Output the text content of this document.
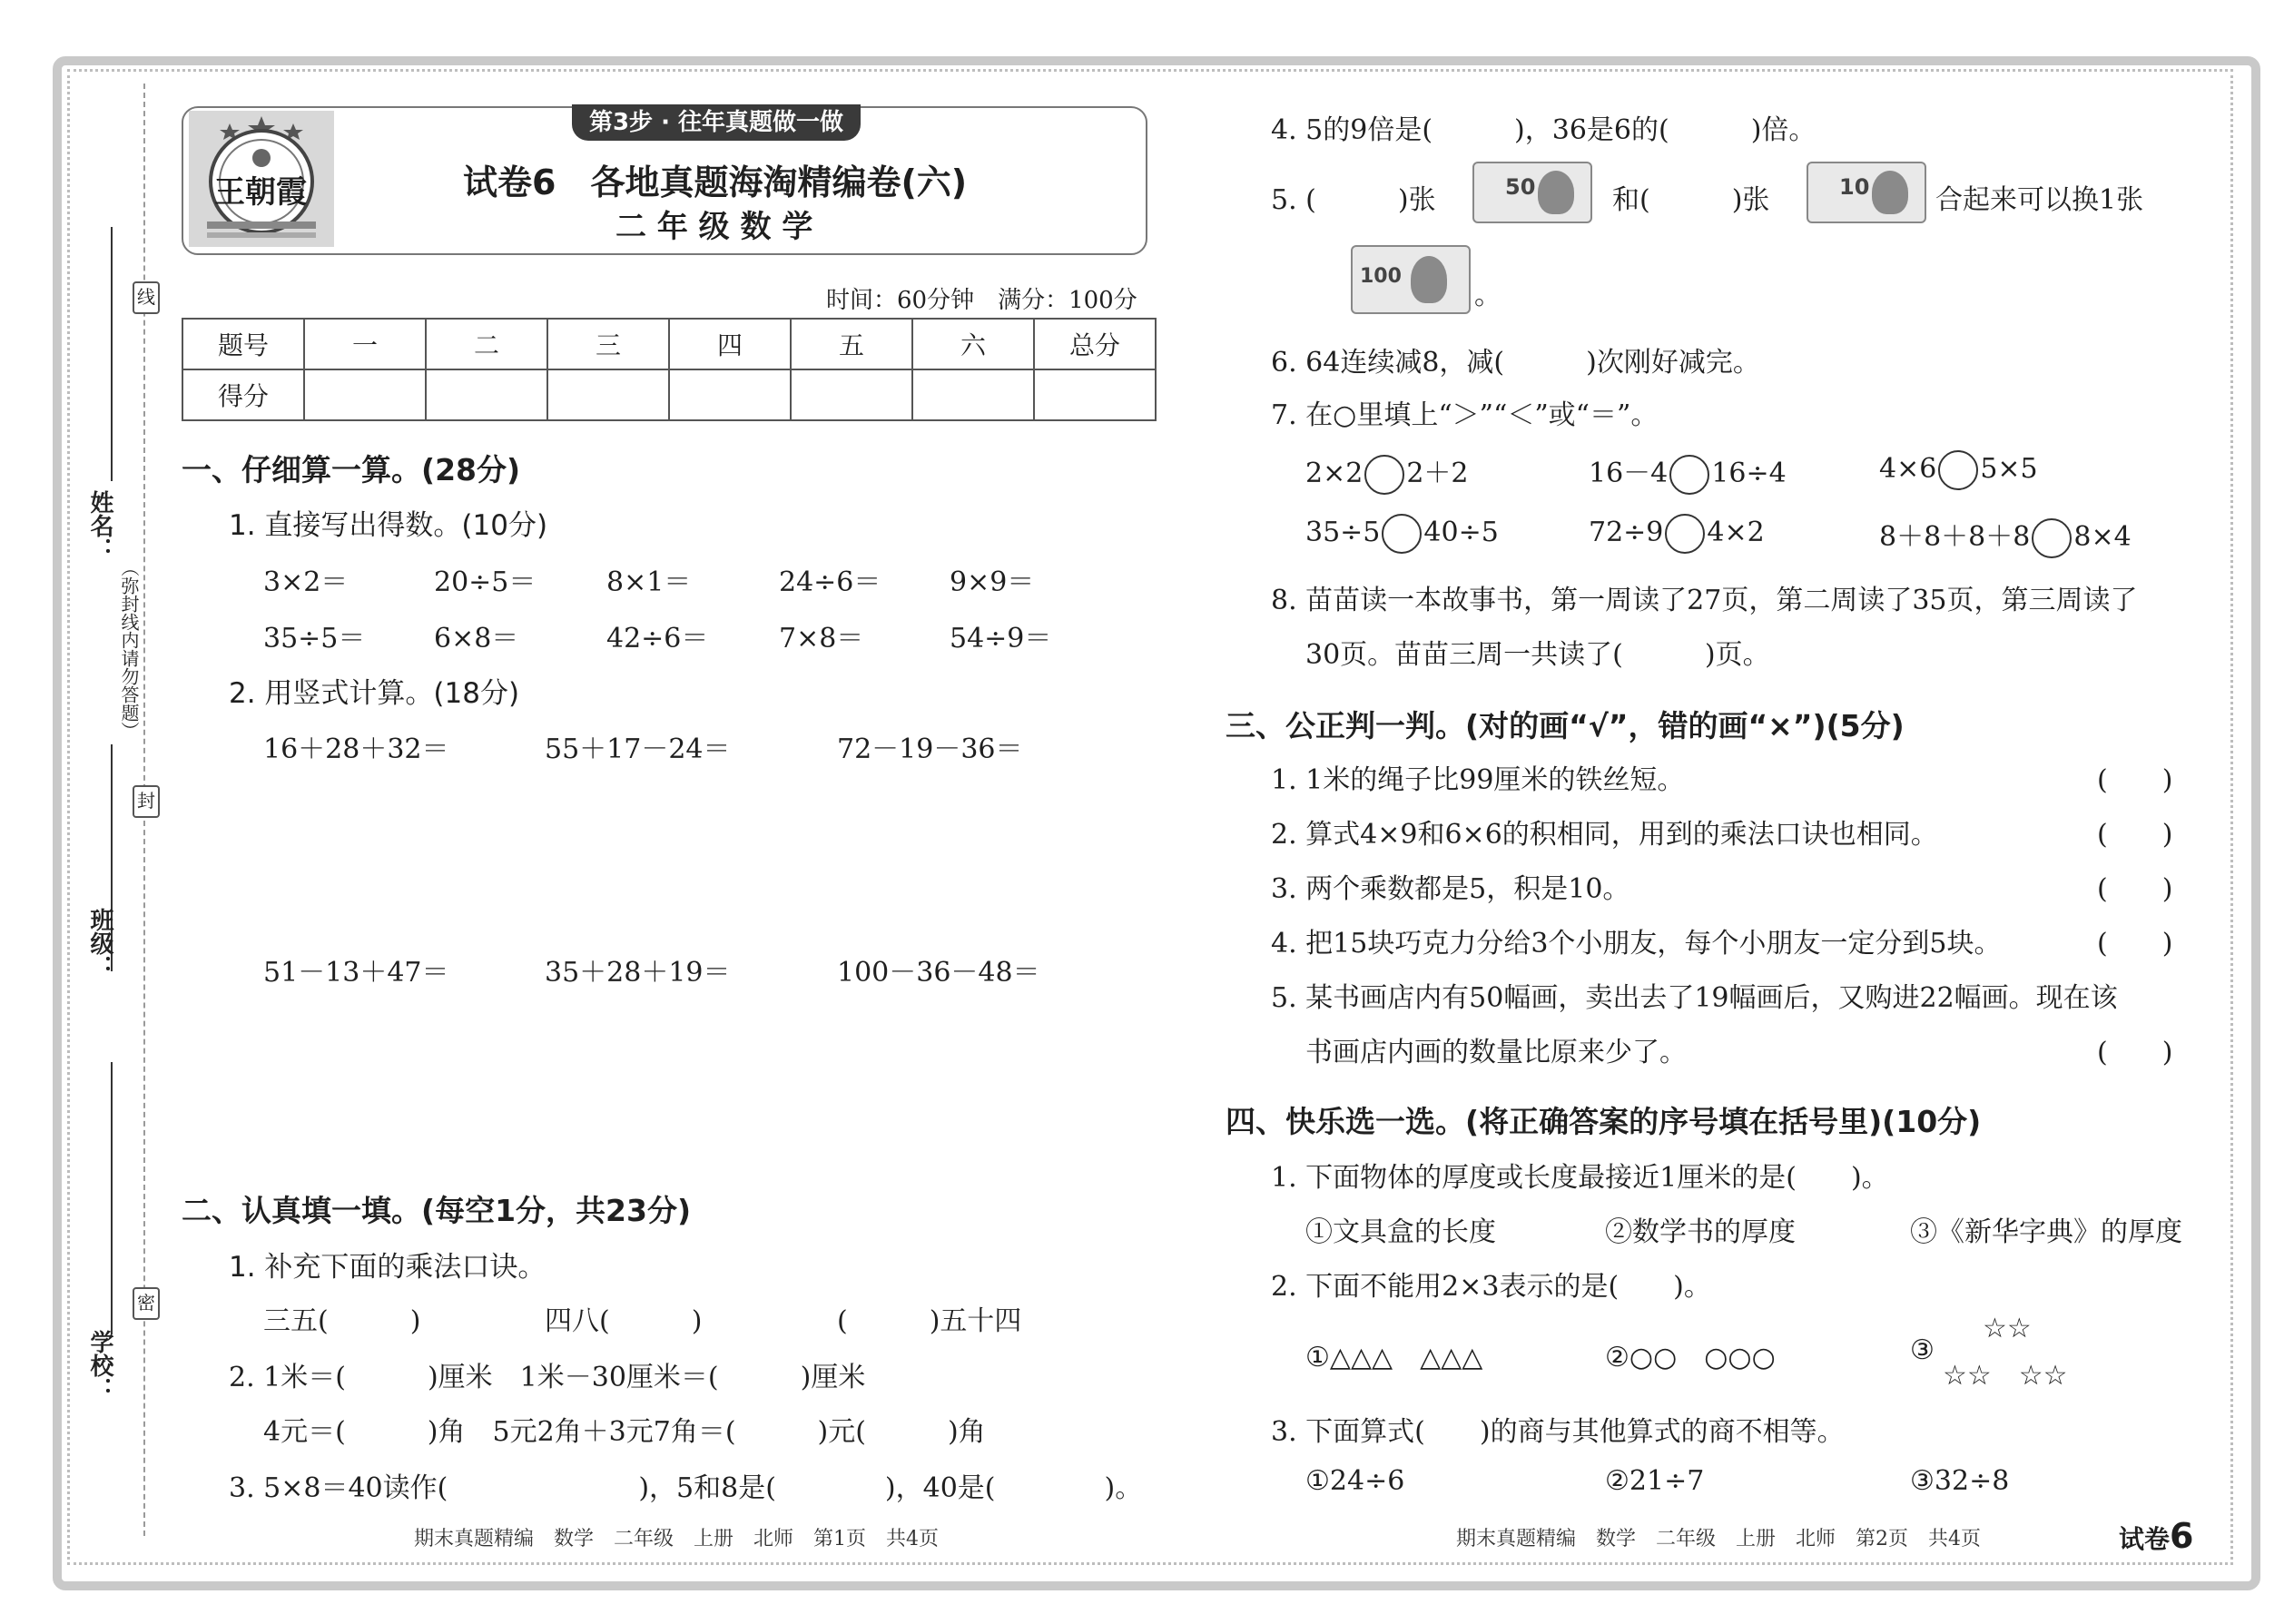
姓名：
班级：
学校：
（弥封线内请勿答题）
线
封
密
第3步 · 往年真题做一做
王朝霞	试卷6　各地真题海淘精编卷(六)
二 年 级 数 学
时间：60分钟　满分：100分
题号	一	二	三	四	五	六	总分
得分							
一、仔细算一算。(28分)
1. 直接写出得数。(10分)
3×2＝	20÷5＝	8×1＝	24÷6＝	9×9＝
35÷5＝	6×8＝	42÷6＝	7×8＝	54÷9＝
2. 用竖式计算。(18分)
16＋28＋32＝	55＋17－24＝	72－19－36＝
51－13＋47＝	35＋28＋19＝	100－36－48＝
二、认真填一填。(每空1分，共23分)
1. 补充下面的乘法口诀。
三五(　　　)	四八(　　　)	(　　　)五十四
2. 1米＝(　　　)厘米　1米－30厘米＝(　　　)厘米
4元＝(　　　)角　5元2角＋3元7角＝(　　　)元(　　　)角
3. 5×8＝40读作(　　　　　　　)，5和8是(　　　　)，40是(　　　　)。
4. 5的9倍是(　　　)，36是6的(　　　)倍。
5. (　　　)张	50	和(　　　)张	10 合起来可以换1张
100
。
6. 64连续减8，减(　　　)次刚好减完。
7. 在○里填上“＞”“＜”或“＝”。
2×2 2＋2	16－4 16÷4	4×6 5×5
35÷5 40÷5	72÷9 4×2	8＋8＋8＋8 8×4
8. 苗苗读一本故事书，第一周读了27页，第二周读了35页，第三周读了
30页。苗苗三周一共读了(　　　)页。
三、公正判一判。(对的画“√”，错的画“×”)(5分)
1. 1米的绳子比99厘米的铁丝短。	(　　)
2. 算式4×9和6×6的积相同，用到的乘法口诀也相同。	(　　)
3. 两个乘数都是5，积是10。	(　　)
4. 把15块巧克力分给3个小朋友，每个小朋友一定分到5块。	(　　)
5. 某书画店内有50幅画，卖出去了19幅画后，又购进22幅画。现在该
书画店内画的数量比原来少了。	(　　)
四、快乐选一选。(将正确答案的序号填在括号里)(10分)
1. 下面物体的厚度或长度最接近1厘米的是(　　)。
①文具盒的长度	②数学书的厚度	③《新华字典》的厚度
2. 下面不能用2×3表示的是(　　)。
①△△△　△△△	②○○　○○○	③
☆☆
☆☆　☆☆
3. 下面算式(　　)的商与其他算式的商不相等。
①24÷6	②21÷7	③32÷8
期末真题精编　数学　二年级　上册　北师　第1页　共4页	期末真题精编　数学　二年级　上册　北师　第2页　共4页	试卷6
